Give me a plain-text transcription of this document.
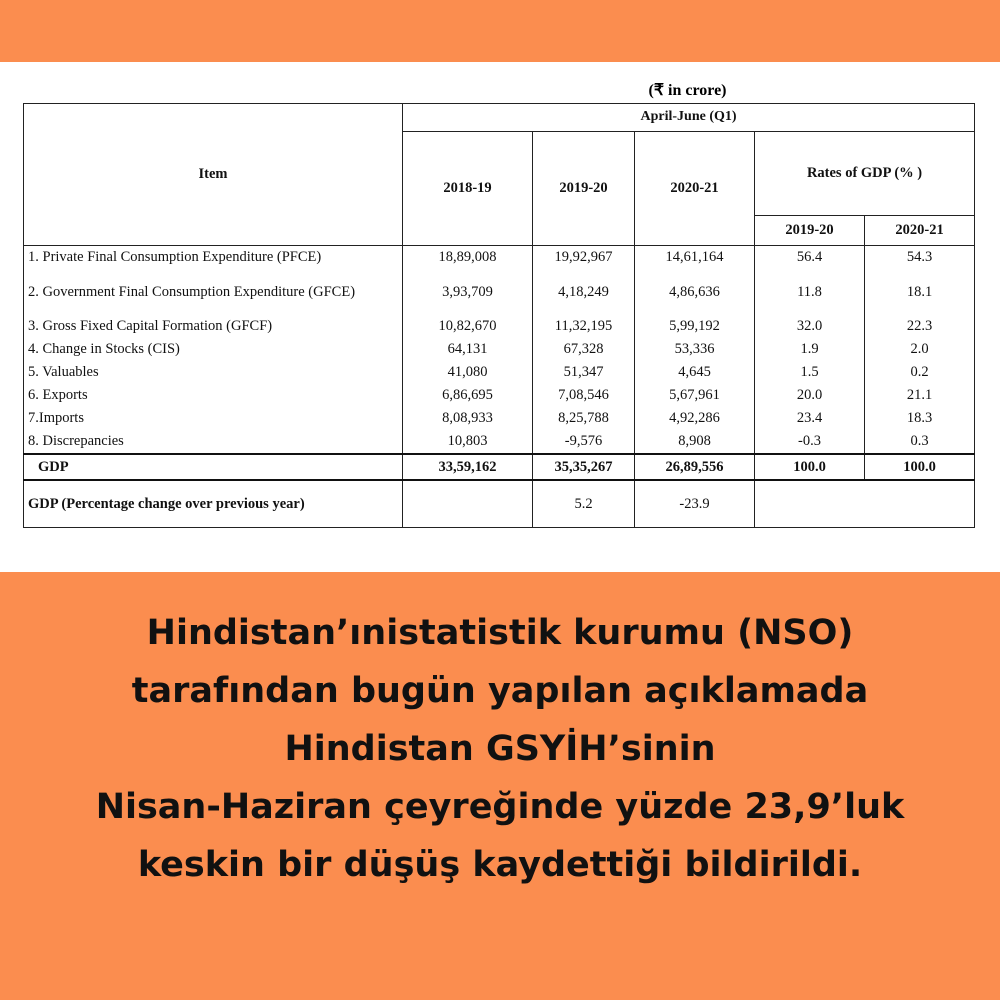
(₹ in crore)
Item	April-June (Q1)				
	2018-19	2019-20	2020-21	Rates of GDP (% )	
				2019-20	2020-21
1. Private Final Consumption Expenditure (PFCE)	18,89,008	19,92,967	14,61,164	56.4	54.3
2. Government Final Consumption Expenditure (GFCE)	3,93,709	4,18,249	4,86,636	11.8	18.1
3. Gross Fixed Capital Formation (GFCF)	10,82,670	11,32,195	5,99,192	32.0	22.3
4. Change in Stocks (CIS)	64,131	67,328	53,336	1.9	2.0
5. Valuables	41,080	51,347	4,645	1.5	0.2
6. Exports	6,86,695	7,08,546	5,67,961	20.0	21.1
7.Imports	8,08,933	8,25,788	4,92,286	23.4	18.3
8. Discrepancies	10,803	-9,576	8,908	-0.3	0.3
GDP	33,59,162	35,35,267	26,89,556	100.0	100.0
GDP (Percentage change over previous year)		5.2	-23.9		
Hindistan’ınistatistik kurumu (NSO)
tarafından bugün yapılan açıklamada
Hindistan GSYİH’sinin
Nisan-Haziran çeyreğinde yüzde 23,9’luk
keskin bir düşüş kaydettiği bildirildi.
